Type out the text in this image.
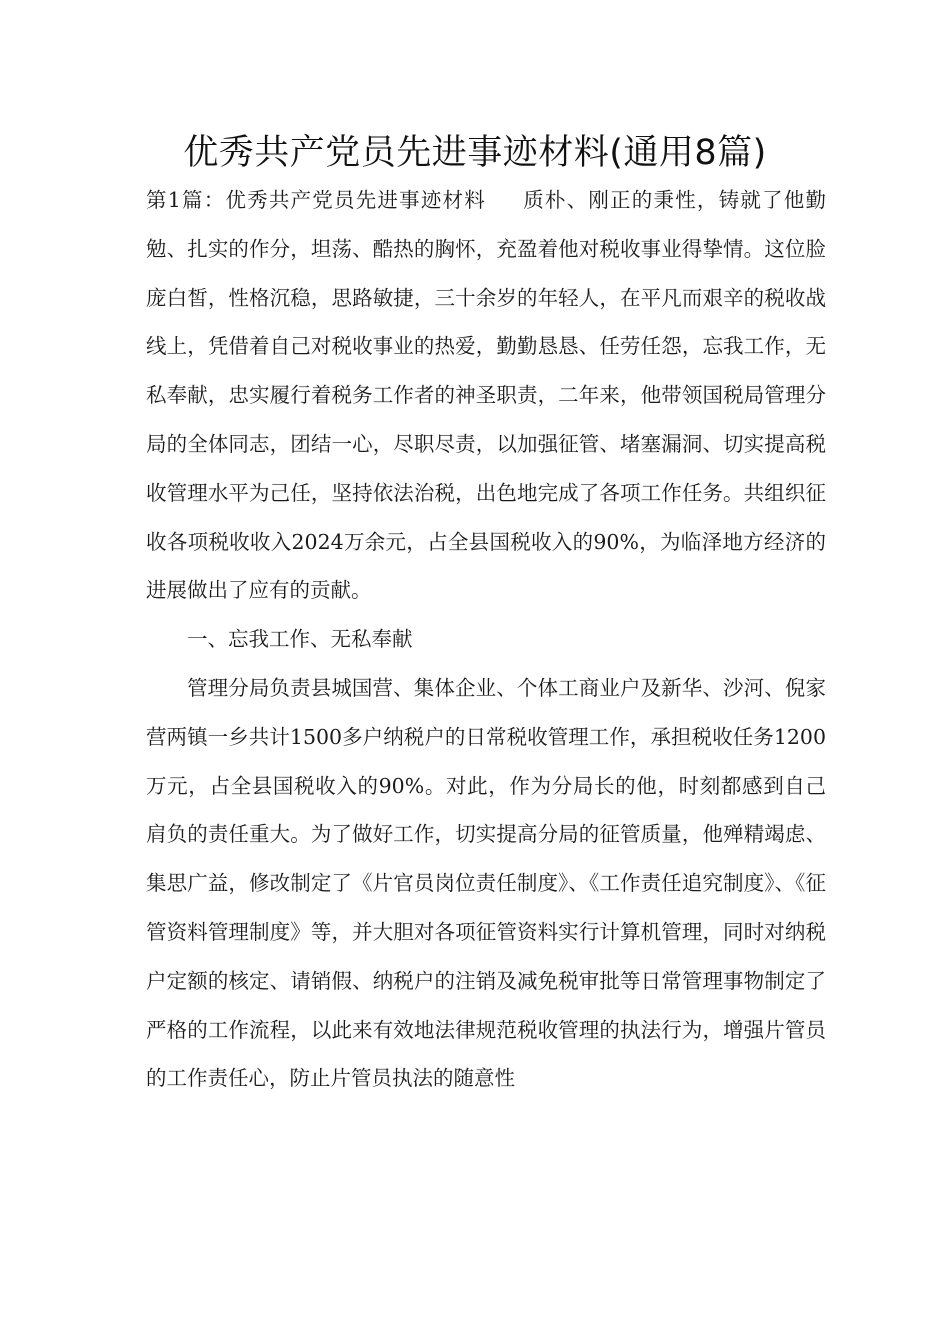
优秀共产党员先进事迹材料(通用8篇)

第1篇：优秀共产党员先进事迹材料 质朴、刚正的秉性，铸就了他勤勉、扎实的作分，坦荡、酷热的胸怀，充盈着他对税收事业得挚情。这位脸庞白皙，性格沉稳，思路敏捷，三十余岁的年轻人，在平凡而艰辛的税收战线上，凭借着自己对税收事业的热爱，勤勤恳恳、任劳任怨，忘我工作，无私奉献，忠实履行着税务工作者的神圣职责，二年来，他带领国税局管理分局的全体同志，团结一心，尽职尽责，以加强征管、堵塞漏洞、切实提高税收管理水平为己任，坚持依法治税，出色地完成了各项工作任务。共组织征收各项税收收入2024万余元，占全县国税收入的90%，为临泽地方经济的进展做出了应有的贡献。

一、忘我工作、无私奉献

管理分局负责县城国营、集体企业、个体工商业户及新华、沙河、倪家营两镇一乡共计1500多户纳税户的日常税收管理工作，承担税收任务1200万元，占全县国税收入的90%。对此，作为分局长的他，时刻都感到自己肩负的责任重大。为了做好工作，切实提高分局的征管质量，他殚精竭虑、集思广益，修改制定了《片官员岗位责任制度》、《工作责任追究制度》、《征管资料管理制度》等，并大胆对各项征管资料实行计算机管理，同时对纳税户定额的核定、请销假、纳税户的注销及减免税审批等日常管理事物制定了严格的工作流程，以此来有效地法律规范税收管理的执法行为，增强片管员的工作责任心，防止片管员执法的随意性
